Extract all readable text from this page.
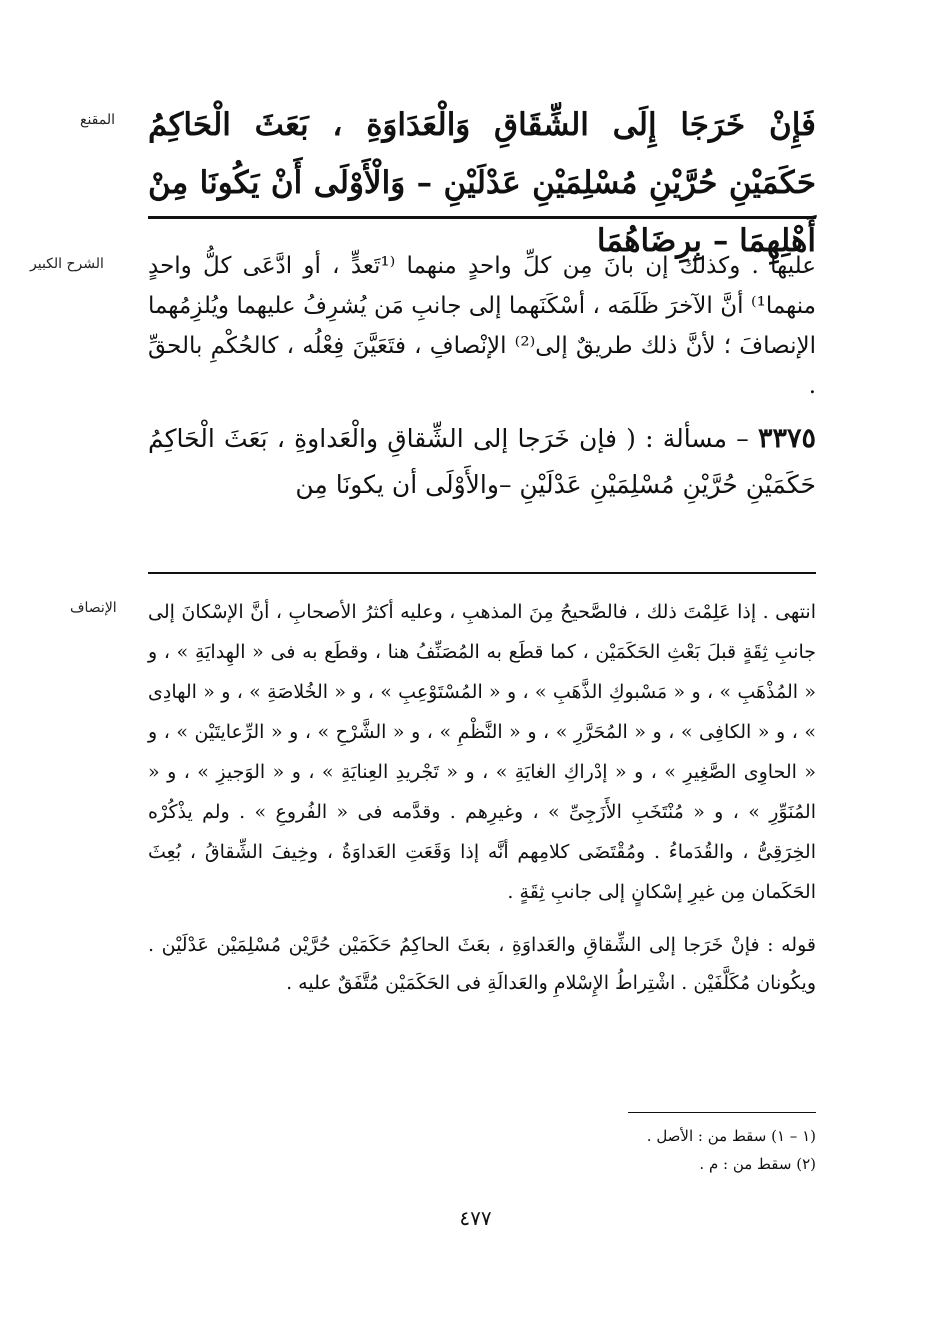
المقنع فَإِنْ خَرَجَا إِلَى الشِّقَاقِ وَالْعَدَاوَةِ ، بَعَثَ الْحَاكِمُ حَكَمَيْنِ حُرَّيْنِ مُسْلِمَيْنِ عَدْلَيْنِ – وَالْأَوْلَى أَنْ يَكُونَا مِنْ أَهْلِهِمَا – بِرِضَاهُمَا
الشرح الكبير	عليها . وكذلك إن بانَ مِن كلِّ واحدٍ منهما ⁽¹تَعدٍّ ، أو ادَّعَى كلُّ واحدٍ منهما¹⁾ أنَّ الآخرَ ظَلَمَه ، أسْكَنَهما إلى جانبِ مَن يُشرِفُ عليهما ويُلزِمُهما الإنصافَ ؛ لأنَّ ذلك طريقٌ إلى⁽²⁾ الإنْصافِ ، فتَعَيَّنَ فِعْلُه ، كالحُكْمِ بالحقِّ .

٣٣٧٥ – مسألة : ( فإن خَرَجا إلى الشِّقاقِ والْعَداوةِ ، بَعَثَ الْحَاكِمُ حَكَمَيْنِ حُرَّيْنِ مُسْلِمَيْنِ عَدْلَيْنِ –والأَوْلَى أن يكونَا مِن

الإنصاف انتهى . إذا عَلِمْتَ ذلك ، فالصَّحيحُ مِنَ المذهبِ ، وعليه أكثرُ الأصحابِ ، أنَّ الإسْكانَ إلى جانبِ ثِقَةٍ قبلَ بَعْثِ الحَكَمَيْن ، كما قطَع به المُصَنِّفُ هنا ، وقطَع به فى « الهِدايَةِ » ، و « المُذْهَبِ » ، و « مَسْبوكِ الذَّهَبِ » ، و « المُسْتَوْعِبِ » ، و « الخُلاصَةِ » ، و « الهادِى » ، و « الكافِى » ، و « المُحَرَّرِ » ، و « النَّظْمِ » ، و « الشَّرْحِ » ، و « الرِّعايتَيْن » ، و « الحاوِى الصَّغِيرِ » ، و « إدْراكِ الغايَةِ » ، و « تَجْريدِ العِنايَةِ » ، و « الوَجيزِ » ، و « المُنَوِّرِ » ، و « مُنْتَخَبِ الأَزَجِىِّ » ، وغيرِهم . وقدَّمه فى « الفُروعِ » . ولم يذْكُرْه الخِرَقِىُّ ، والقُدَماءُ . ومُقْتَضَى كلامِهم أنَّه إذا وَقَعَتِ العَداوَةُ ، وخِيفَ الشِّقاقُ ، بُعِثَ الحَكَمان مِن غيرِ إسْكانٍ إلى جانبِ ثِقَةٍ .

قوله : فإنْ خَرَجا إلى الشِّقاقِ والعَداوَةِ ، بعَثَ الحاكِمُ حَكَمَيْن حُرَّيْن مُسْلِمَيْن عَدْلَيْن . ويكُونان مُكَلَّفَيْن . اشْتِراطُ الإِسْلامِ والعَدالَةِ فى الحَكَمَيْن مُتَّفَقٌ عليه .

(١ – ١) سقط من : الأصل .
(٢) سقط من : م .
٤٧٧
